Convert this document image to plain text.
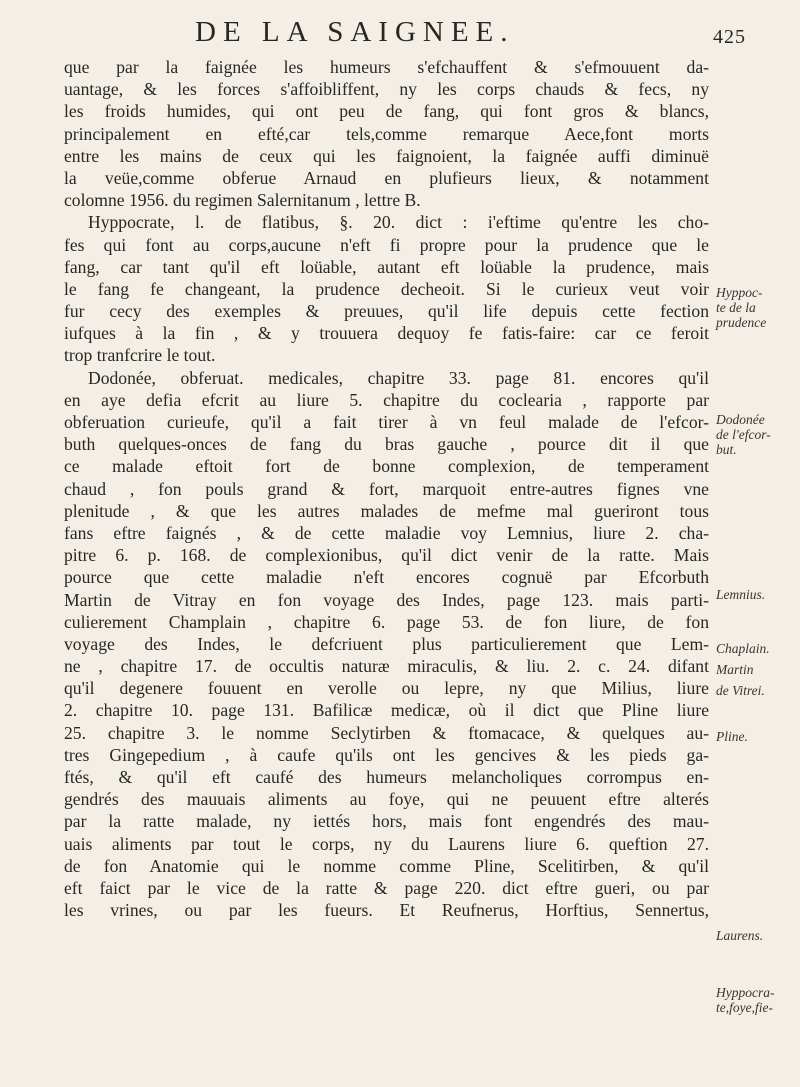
DE LA SAIGNEE.	425
que par la faignée les humeurs s'efchauffent & s'efmouuent da-
uantage, & les forces s'affoibliffent, ny les corps chauds & fecs, ny
les froids humides, qui ont peu de fang, qui font gros & blancs,
principalement en efté,car tels,comme remarque Aece,font morts
entre les mains de ceux qui les faignoient, la faignée auffi diminuë
la veüe,comme obferue Arnaud en plufieurs lieux, & notamment
colomne 1956. du regimen Salernitanum , lettre B.
Hyppocrate, l. de flatibus, §. 20. dict : i'eftime qu'entre les cho-
fes qui font au corps,aucune n'eft fi propre pour la prudence que le
fang, car tant qu'il eft loüable, autant eft loüable la prudence, mais
le fang fe changeant, la prudence decheoit. Si le curieux veut voir
fur cecy des exemples & preuues, qu'il life depuis cette fection
iufques à la fin , & y trouuera dequoy fe fatis-faire: car ce feroit
trop tranfcrire le tout.
Dodonée, obferuat. medicales, chapitre 33. page 81. encores qu'il
en aye defia efcrit au liure 5. chapitre du coclearia , rapporte par
obferuation curieufe, qu'il a fait tirer à vn feul malade de l'efcor-
buth quelques-onces de fang du bras gauche , pource dit il que
ce malade eftoit fort de bonne complexion, de temperament
chaud , fon pouls grand & fort, marquoit entre-autres fignes vne
plenitude , & que les autres malades de mefme mal gueriront tous
fans eftre faignés , & de cette maladie voy Lemnius, liure 2. cha-
pitre 6. p. 168. de complexionibus, qu'il dict venir de la ratte. Mais
pource que cette maladie n'eft encores cognuë par Efcorbuth
Martin de Vitray en fon voyage des Indes, page 123. mais parti-
culierement Champlain , chapitre 6. page 53. de fon liure, de fon
voyage des Indes, le defcriuent plus particulierement que Lem-
ne , chapitre 17. de occultis naturæ miraculis, & liu. 2. c. 24. difant
qu'il degenere fouuent en verolle ou lepre, ny que Milius, liure
2. chapitre 10. page 131. Bafilicæ medicæ, où il dict que Pline liure
25. chapitre 3. le nomme Seclytirben & ftomacace, & quelques au-
tres Gingepedium , à caufe qu'ils ont les gencives & les pieds ga-
ftés, & qu'il eft caufé des humeurs melancholiques corrompus en-
gendrés des mauuais aliments au foye, qui ne peuuent eftre alterés
par la ratte malade, ny iettés hors, mais font engendrés des mau-
uais aliments par tout le corps, ny du Laurens liure 6. queftion 27.
de fon Anatomie qui le nomme comme Pline, Scelitirben, & qu'il
eft faict par le vice de la ratte & page 220. dict eftre gueri, ou par
les vrines, ou par les fueurs. Et Reufnerus, Horftius, Sennertus,
Hyppoc-
te de la
prudence
Dodonée
de l'efcor-
but.
Lemnius.
Chaplain.
Martin
de Vitrei.
Pline.
Laurens.
Hyppocra-
te,foye,fie-
